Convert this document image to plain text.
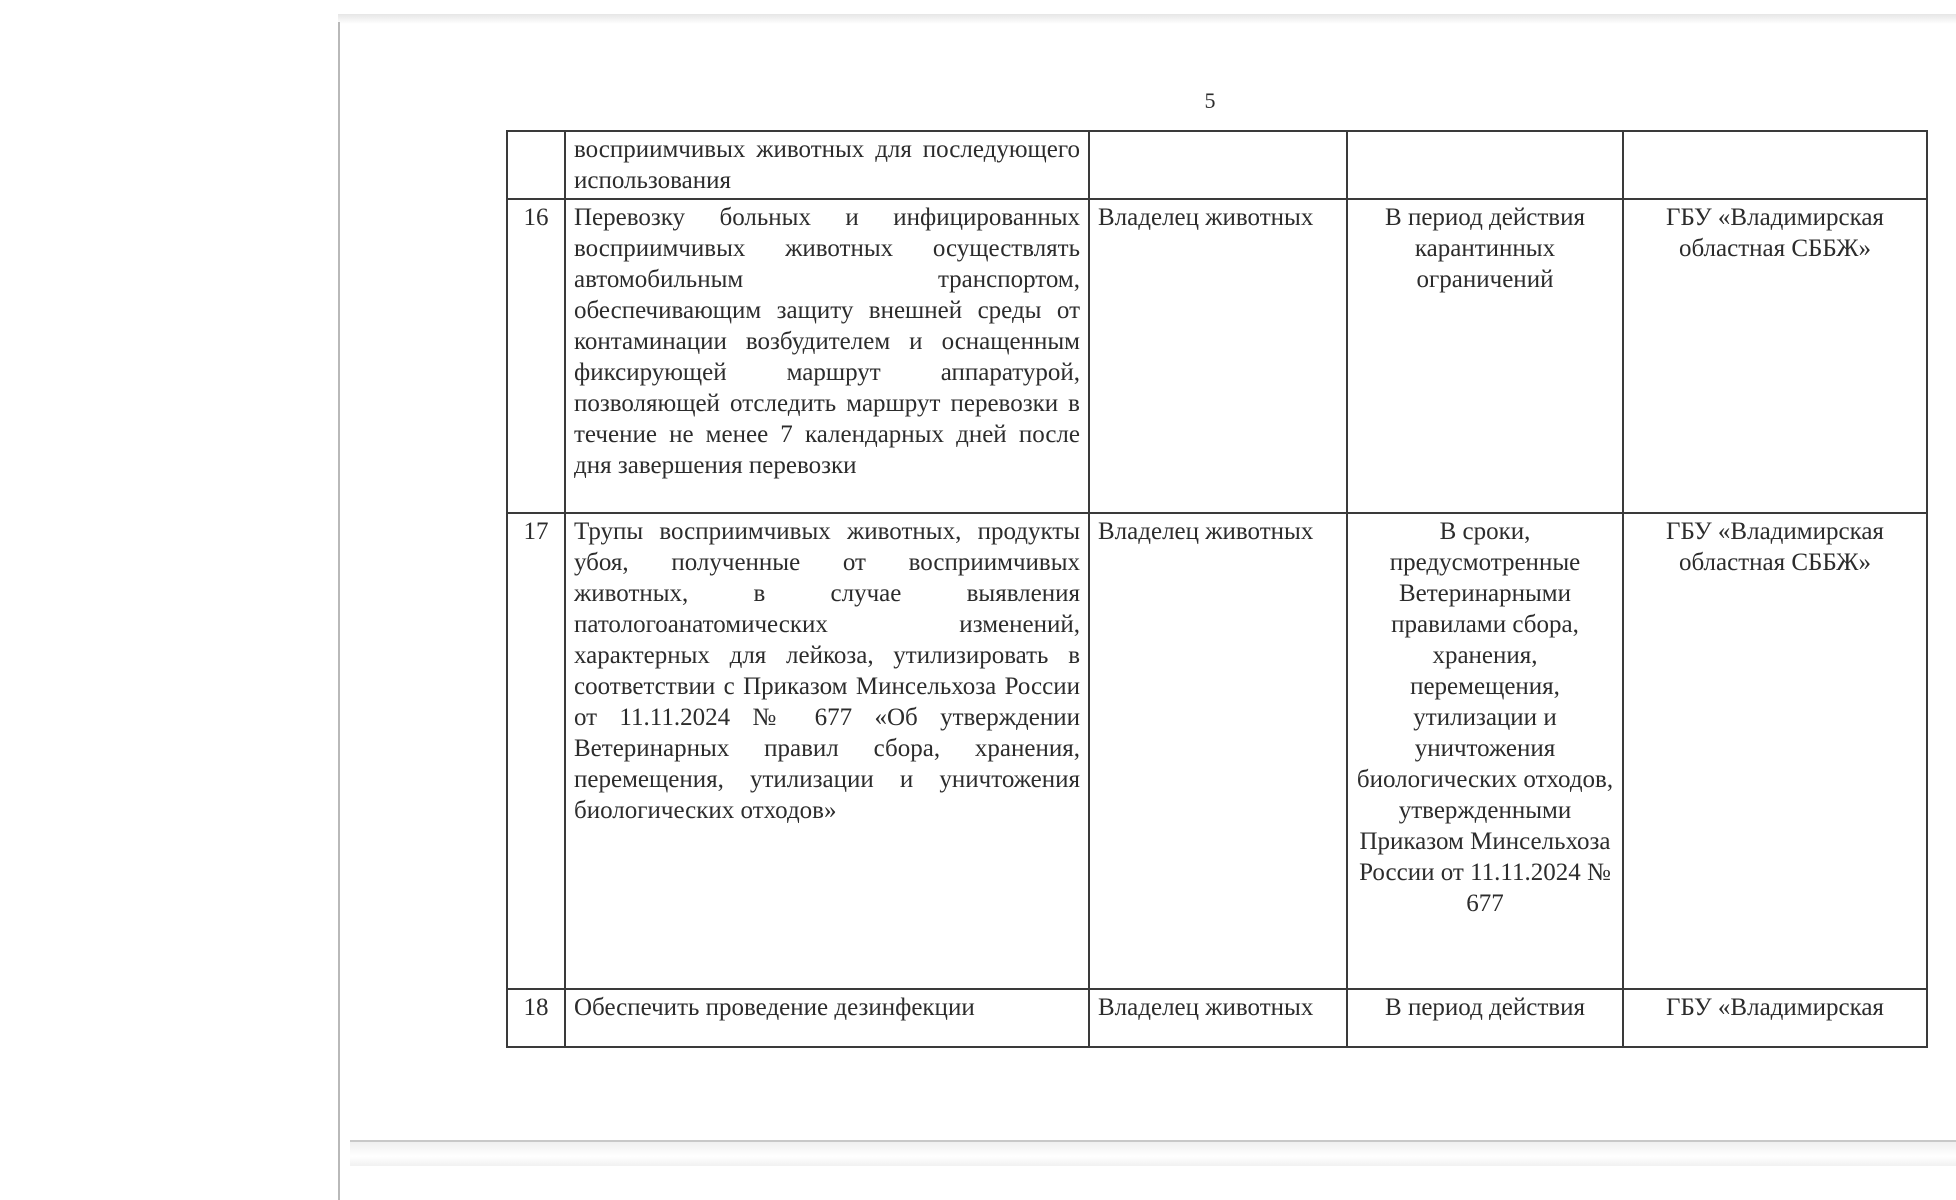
5
	восприимчивых животных для последующего использования			
16	Перевозку больных и инфицированных восприимчивых животных осуществлять автомобильным транспортом, обеспечивающим защиту внешней среды от контаминации возбудителем и оснащенным фиксирующей маршрут аппаратурой, позволяющей отследить маршрут перевозки в течение не менее 7 календарных дней после дня завершения перевозки	Владелец животных	В период действия карантинных ограничений	ГБУ «Владимирская областная СББЖ»
17	Трупы восприимчивых животных, продукты убоя, полученные от восприимчивых животных, в случае выявления патологоанатомических изменений, характерных для лейкоза, утилизировать в соответствии с Приказом Минсельхоза России от 11.11.2024 № 677 «Об утверждении Ветеринарных правил сбора, хранения, перемещения, утилизации и уничтожения биологических отходов»	Владелец животных	В сроки, предусмотренные Ветеринарными правилами сбора, хранения, перемещения, утилизации и уничтожения биологических отходов, утвержденными Приказом Минсельхоза России от 11.11.2024 № 677	ГБУ «Владимирская областная СББЖ»
18	Обеспечить проведение дезинфекции	Владелец животных	В период действия	ГБУ «Владимирская
